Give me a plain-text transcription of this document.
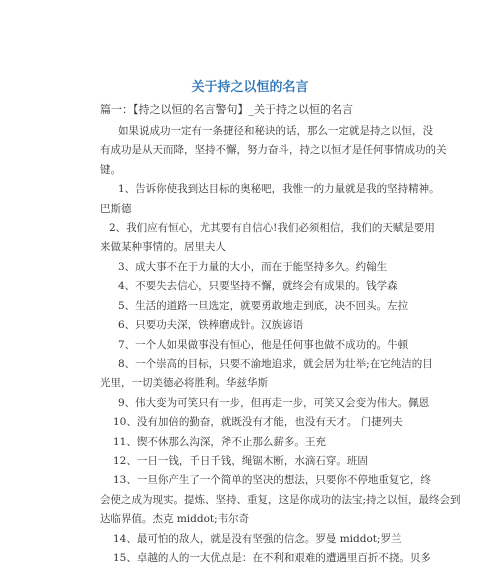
关于持之以恒的名言
篇一：【持之以恒的名言警句】_关于持之以恒的名言
如果说成功一定有一条捷径和秘诀的话，那么一定就是持之以恒，没
有成功是从天而降，坚持不懈，努力奋斗，持之以恒才是任何事情成功的关
键。
1、告诉你使我到达目标的奥秘吧，我惟一的力量就是我的坚持精神。
巴斯德
2、我们应有恒心，尤其要有自信心!我们必须相信，我们的天赋是要用
来做某种事情的。居里夫人
3、成大事不在于力量的大小，而在于能坚持多久。约翰生
4、不要失去信心，只要坚持不懈，就终会有成果的。钱学森
5、生活的道路一旦选定，就要勇敢地走到底，决不回头。左拉
6、只要功夫深，铁棒磨成针。汉族谚语
7、一个人如果做事没有恒心，他是任何事也做不成功的。牛顿
8、一个崇高的目标，只要不渝地追求，就会居为壮举;在它纯洁的目
光里，一切美德必将胜利。华兹华斯
9、伟大变为可笑只有一步，但再走一步，可笑又会变为伟大。佩恩
10、没有加倍的勤奋，就既没有才能，也没有天才。 门捷列夫
11、锲不休那么沟深，斧不止那么薪多。王充
12、一日一钱，千日千钱，绳锯木断，水滴石穿。班固
13、一旦你产生了一个简单的坚决的想法，只要你不停地重复它，终
会使之成为现实。提炼、坚持、重复，这是你成功的法宝;持之以恒，最终会到
达临界值。杰克 middot;韦尔奇
14、最可怕的敌人，就是没有坚强的信念。罗曼 middot;罗兰
15、卓越的人的一大优点是：在不利和艰难的遭遇里百折不挠。贝多
